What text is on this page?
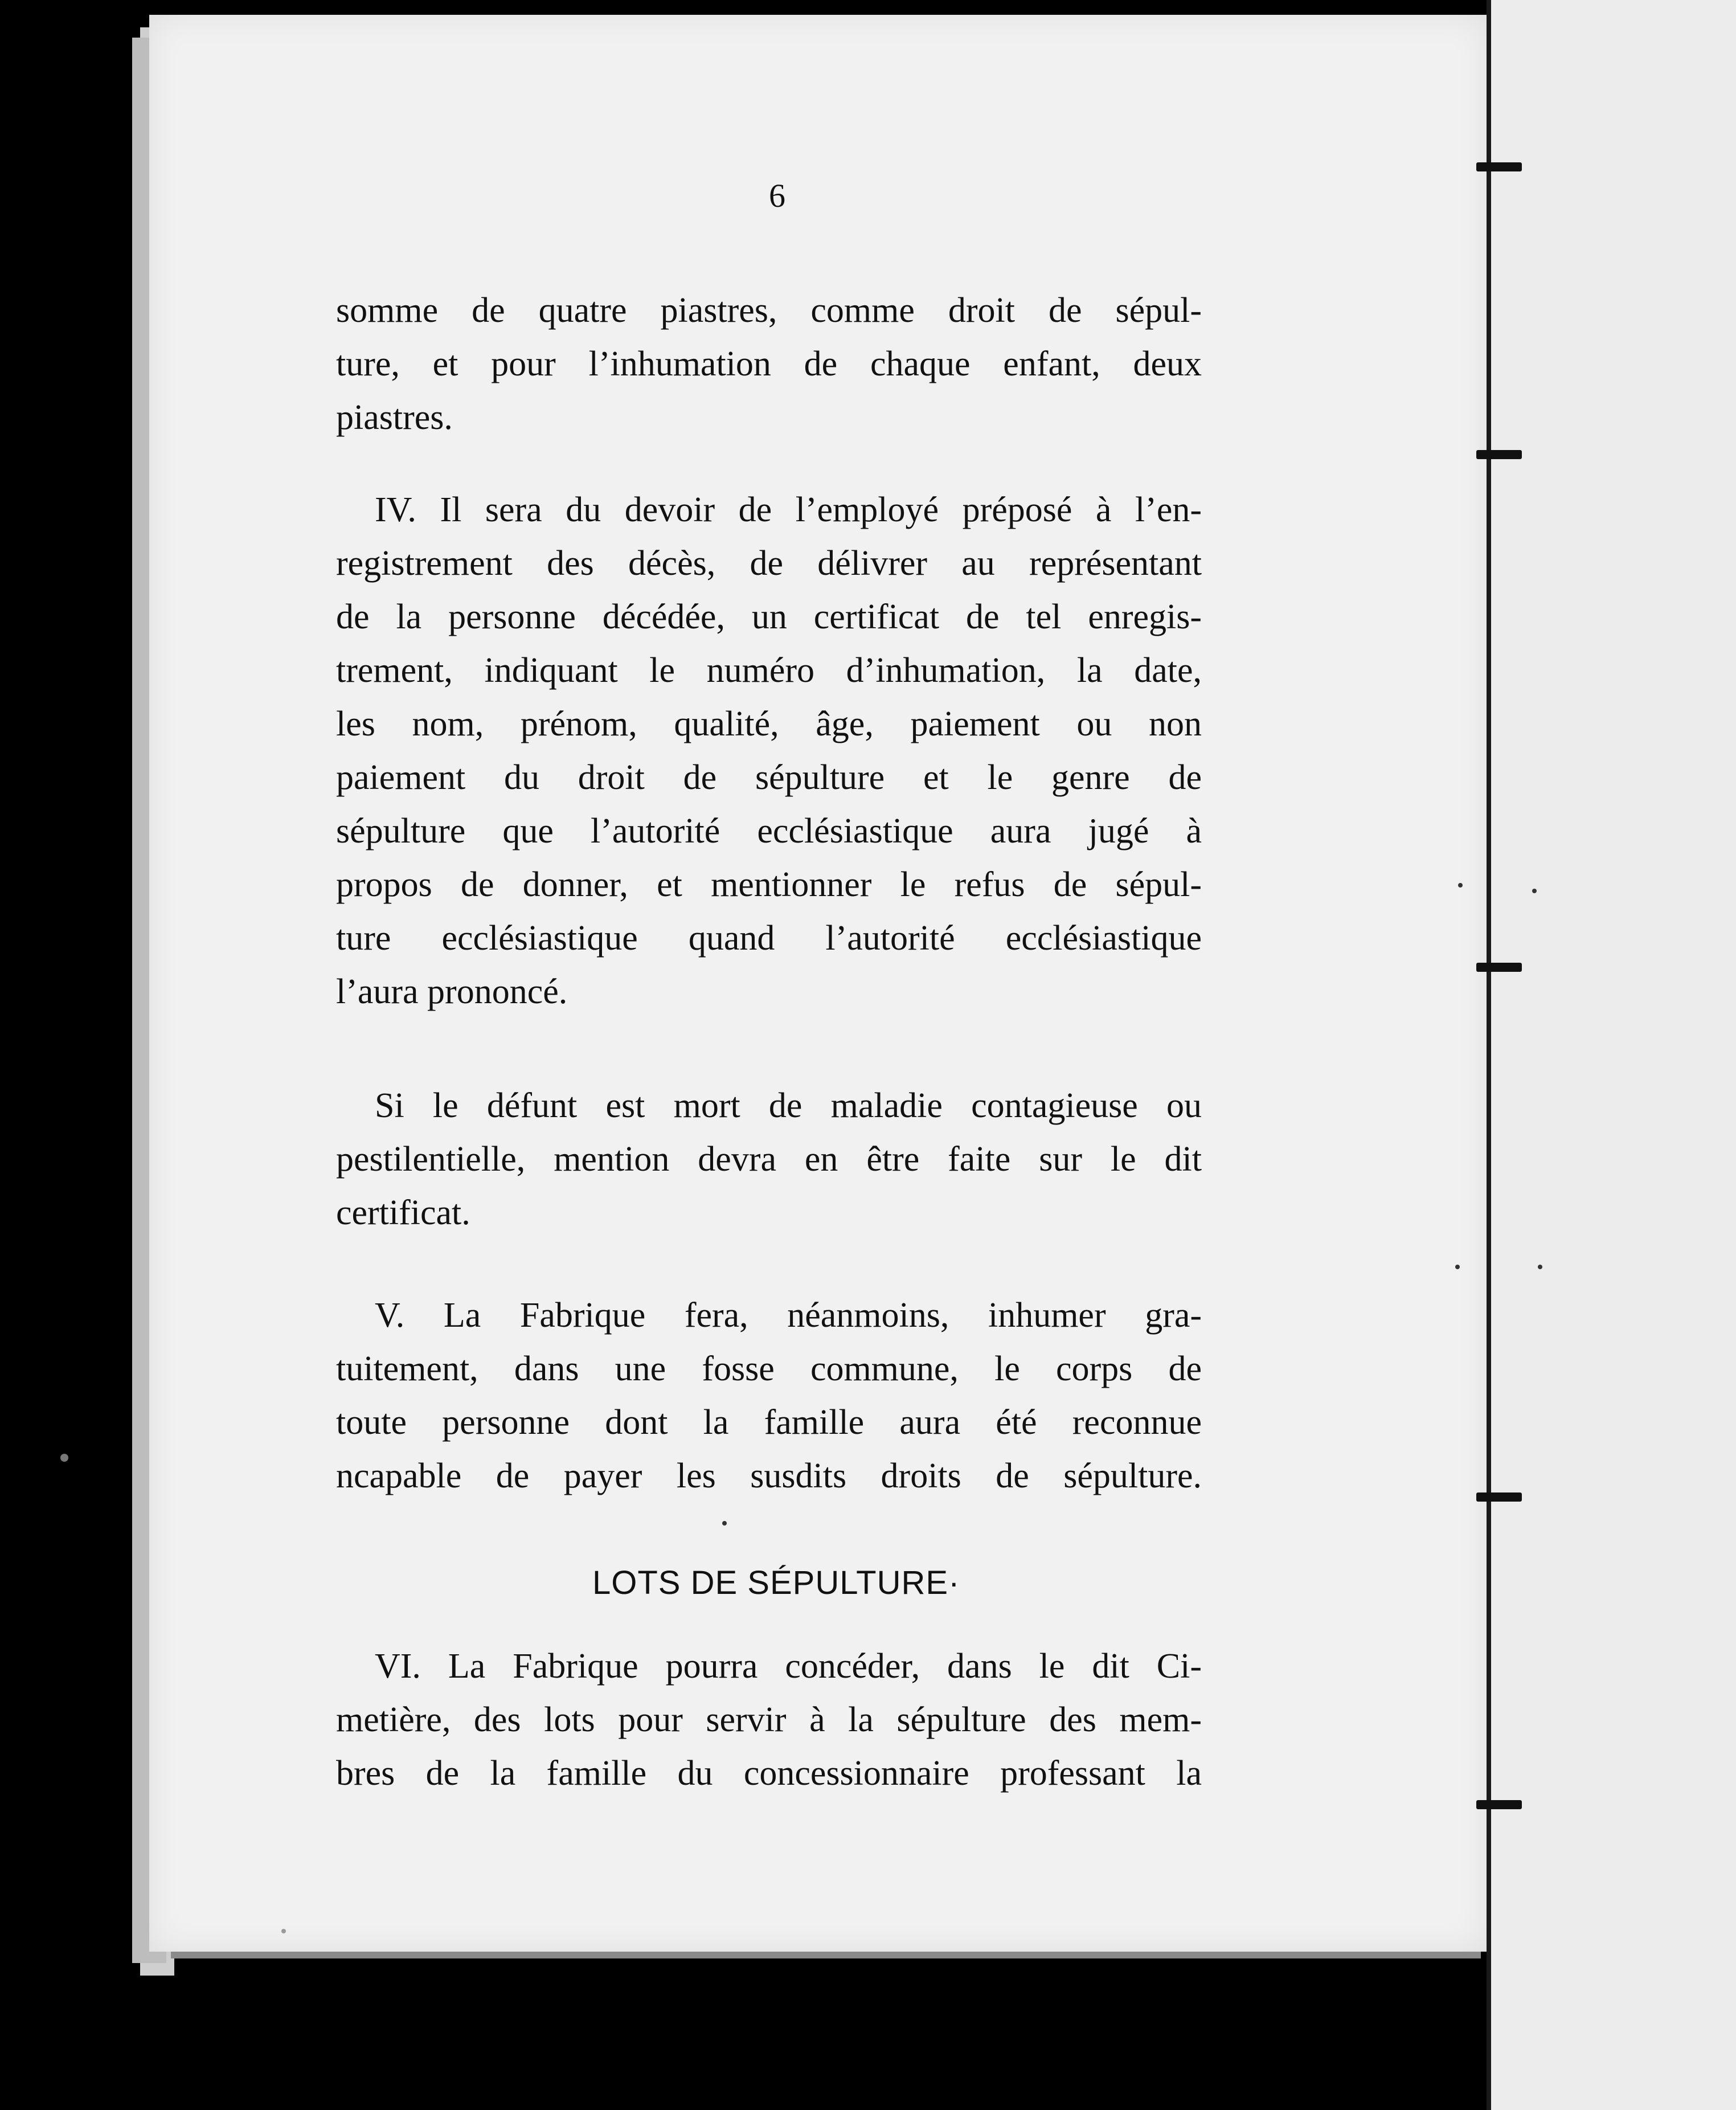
6
somme de quatre piastres, comme droit de sépul-
ture, et pour l’inhumation de chaque enfant, deux
piastres.
IV. Il sera du devoir de l’employé préposé à l’en-
registrement des décès, de délivrer au représentant
de la personne décédée, un certificat de tel enregis-
trement, indiquant le numéro d’inhumation, la date,
les nom, prénom, qualité, âge, paiement ou non
paiement du droit de sépulture et le genre de
sépulture que l’autorité ecclésiastique aura jugé à
propos de donner, et mentionner le refus de sépul-
ture ecclésiastique quand l’autorité ecclésiastique
l’aura prononcé.
Si le défunt est mort de maladie contagieuse ou
pestilentielle, mention devra en être faite sur le dit
certificat.
V. La Fabrique fera, néanmoins, inhumer gra-
tuitement, dans une fosse commune, le corps de
toute personne dont la famille aura été reconnue
ncapable de payer les susdits droits de sépulture.
LOTS DE SÉPULTURE·
VI. La Fabrique pourra concéder, dans le dit Ci-
metière, des lots pour servir à la sépulture des mem-
bres de la famille du concessionnaire professant la
